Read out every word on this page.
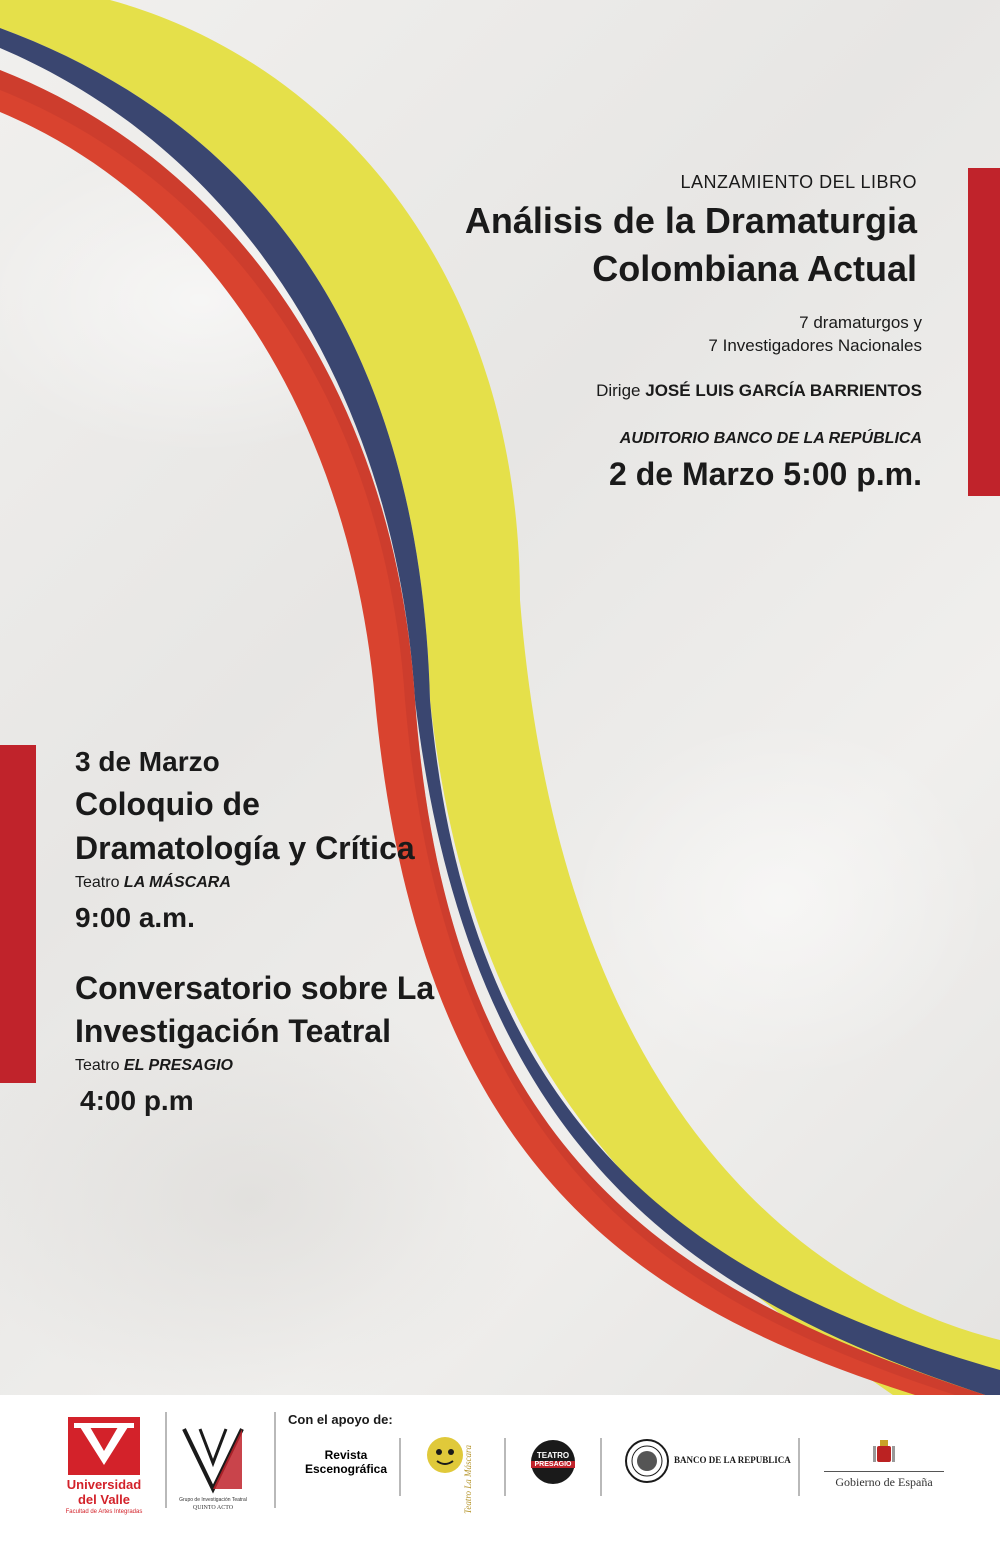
LANZAMIENTO DEL LIBRO
Análisis de la Dramaturgia
Colombiana Actual
7 dramaturgos y
7 Investigadores Nacionales
Dirige JOSÉ LUIS GARCÍA BARRIENTOS
AUDITORIO BANCO DE LA REPÚBLICA
2 de Marzo 5:00 p.m.
3 de Marzo
Coloquio de
Dramatología y Crítica
Teatro LA MÁSCARA
9:00 a.m.
Conversatorio sobre La
Investigación Teatral
Teatro EL PRESAGIO
4:00 p.m
Universidad
del Valle
Facultad de Artes Integradas
Grupo de Investigación Teatral
QUINTO ACTO
Con el apoyo de:
Revista
Escenográfica	Teatro La Máscara	TEATRO
PRESAGIO	BANCO DE LA REPUBLICA
Gobierno de España
